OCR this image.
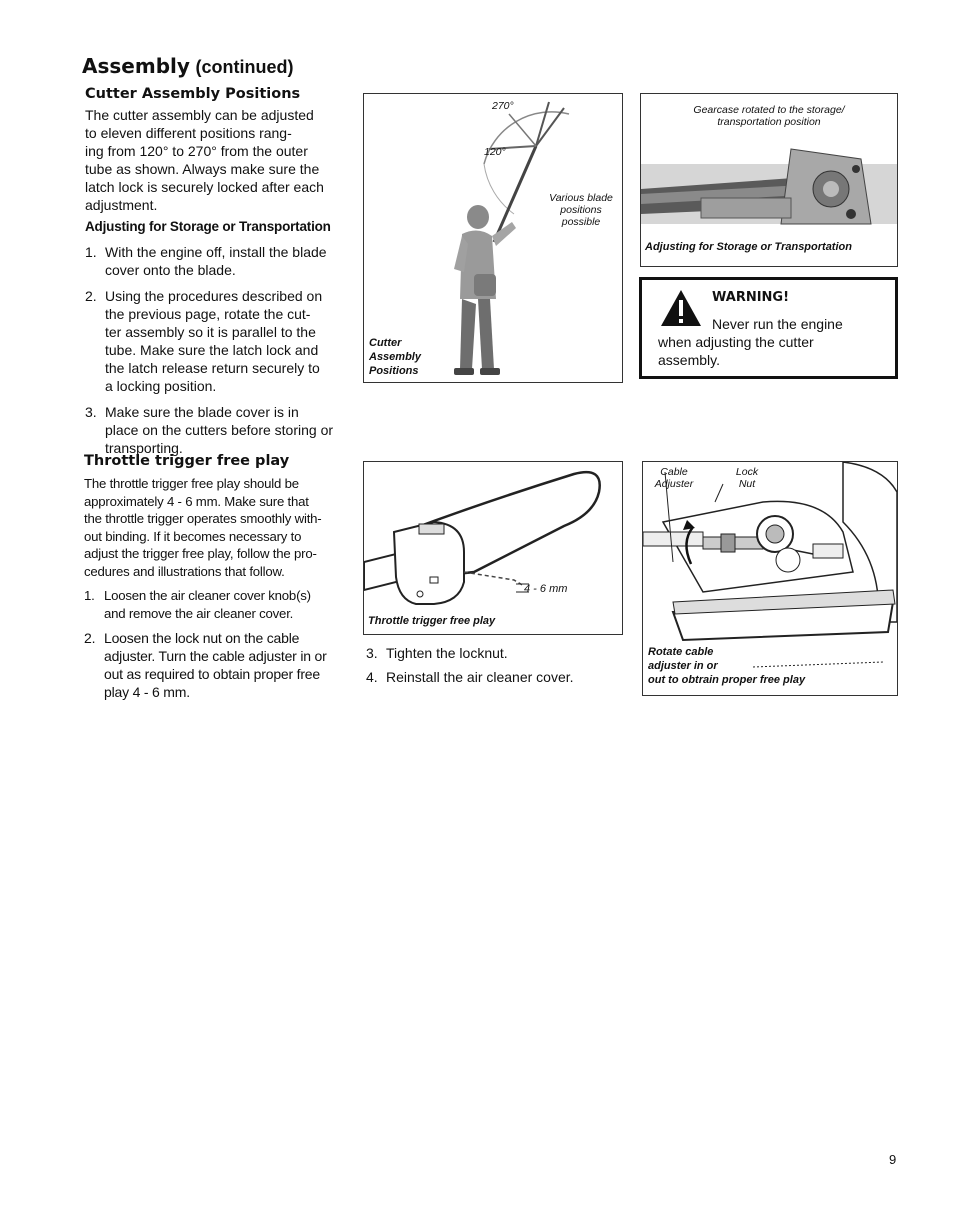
Assembly (continued)
Cutter Assembly Positions
The cutter assembly can be adjusted
to eleven different positions rang-
ing from 120° to 270° from the outer
tube as shown. Always make sure the
latch lock is securely locked after each
adjustment.
Adjusting for Storage or Transportation
1. With the engine off, install the blade
cover onto the blade.
2. Using the procedures described on
the previous page, rotate the cut-
ter assembly so it is parallel to the
tube. Make sure the latch lock and
the latch release return securely to
a locking position.
3. Make sure the blade cover is in
place on the cutters before storing or
transporting.
Throttle trigger free play
The throttle trigger free play should be
approximately 4 - 6 mm. Make sure that
the throttle trigger operates smoothly with-
out binding. If it becomes necessary to
adjust the trigger free play, follow the pro-
cedures and illustrations that follow.
1. Loosen the air cleaner cover knob(s)
and remove the air cleaner cover.
2. Loosen the lock nut on the cable
adjuster. Turn the cable adjuster in or
out as required to obtain proper free
play 4 - 6 mm.
270°
120°
Various blade
positions
possible
Cutter
Assembly
Positions
Gearcase rotated to the storage/
transportation position
Adjusting for Storage or Transportation
WARNING!
Never run the engine
when adjusting the cutter
assembly.
4 - 6 mm
Throttle trigger free play
3. Tighten the locknut.
4. Reinstall the air cleaner cover.
Cable
Adjuster
Lock
Nut
Rotate cable
adjuster in or
out to obtrain proper free play
9
